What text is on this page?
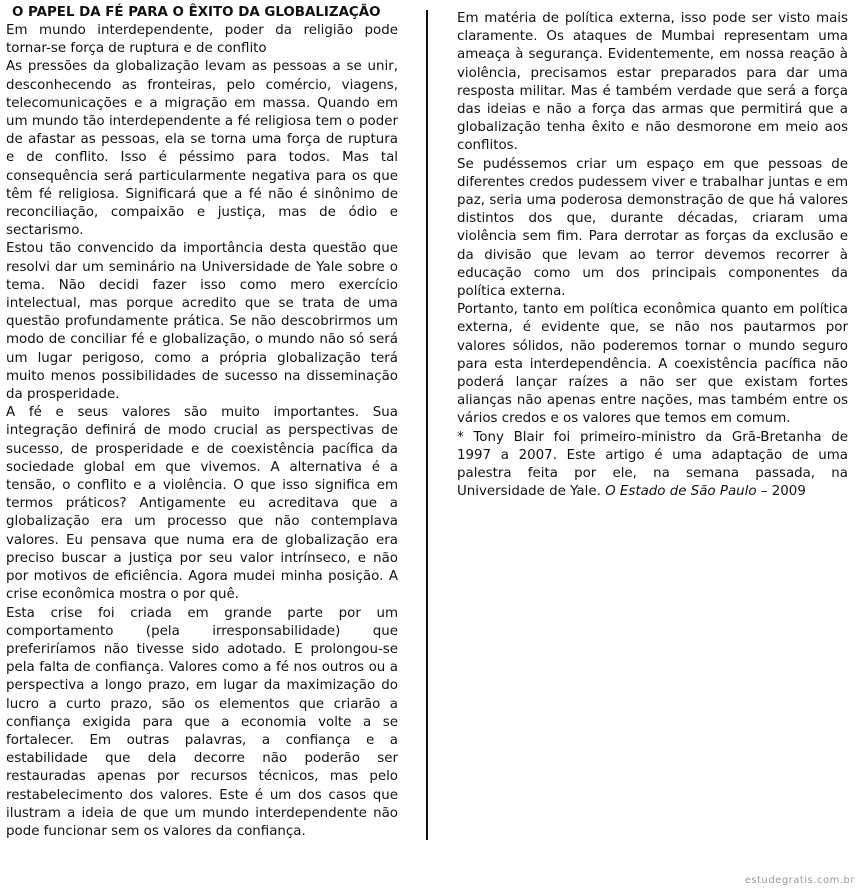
O PAPEL DA FÉ PARA O ÊXITO DA GLOBALIZAÇÃO

Em mundo interdependente, poder da religião pode tornar-se força de ruptura e de conflito

As pressões da globalização levam as pessoas a se unir, desconhecendo as fronteiras, pelo comércio, viagens, telecomunicações e a migração em massa. Quando em um mundo tão interdependente a fé religiosa tem o poder de afastar as pessoas, ela se torna uma força de ruptura e de conflito. Isso é péssimo para todos. Mas tal consequência será particularmente negativa para os que têm fé religiosa. Significará que a fé não é sinônimo de reconciliação, compaixão e justiça, mas de ódio e sectarismo.

Estou tão convencido da importância desta questão que resolvi dar um seminário na Universidade de Yale sobre o tema. Não decidi fazer isso como mero exercício intelectual, mas porque acredito que se trata de uma questão profundamente prática. Se não descobrirmos um modo de conciliar fé e globalização, o mundo não só será um lugar perigoso, como a própria globalização terá muito menos possibilidades de sucesso na disseminação da prosperidade.

A fé e seus valores são muito importantes. Sua integração definirá de modo crucial as perspectivas de sucesso, de prosperidade e de coexistência pacífica da sociedade global em que vivemos. A alternativa é a tensão, o conflito e a violência. O que isso significa em termos práticos? Antigamente eu acreditava que a globalização era um processo que não contemplava valores. Eu pensava que numa era de globalização era preciso buscar a justiça por seu valor intrínseco, e não por motivos de eficiência. Agora mudei minha posição. A crise econômica mostra o por quê.

Esta crise foi criada em grande parte por um comportamento (pela irresponsabilidade) que preferiríamos não tivesse sido adotado. E prolongou-se pela falta de confiança. Valores como a fé nos outros ou a perspectiva a longo prazo, em lugar da maximização do lucro a curto prazo, são os elementos que criarão a confiança exigida para que a economia volte a se fortalecer. Em outras palavras, a confiança e a estabilidade que dela decorre não poderão ser restauradas apenas por recursos técnicos, mas pelo restabelecimento dos valores. Este é um dos casos que ilustram a ideia de que um mundo interdependente não pode funcionar sem os valores da confiança.

Em matéria de política externa, isso pode ser visto mais claramente. Os ataques de Mumbai representam uma ameaça à segurança. Evidentemente, em nossa reação à violência, precisamos estar preparados para dar uma resposta militar. Mas é também verdade que será a força das ideias e não a força das armas que permitirá que a globalização tenha êxito e não desmorone em meio aos conflitos.

Se pudéssemos criar um espaço em que pessoas de diferentes credos pudessem viver e trabalhar juntas e em paz, seria uma poderosa demonstração de que há valores distintos dos que, durante décadas, criaram uma violência sem fim. Para derrotar as forças da exclusão e da divisão que levam ao terror devemos recorrer à educação como um dos principais componentes da política externa.

Portanto, tanto em política econômica quanto em política externa, é evidente que, se não nos pautarmos por valores sólidos, não poderemos tornar o mundo seguro para esta interdependência. A coexistência pacífica não poderá lançar raízes a não ser que existam fortes alianças não apenas entre nações, mas também entre os vários credos e os valores que temos em comum.

* Tony Blair foi primeiro-ministro da Grã-Bretanha de 1997 a 2007. Este artigo é uma adaptação de uma palestra feita por ele, na semana passada, na Universidade de Yale. O Estado de São Paulo – 2009

estudegratis.com.br
